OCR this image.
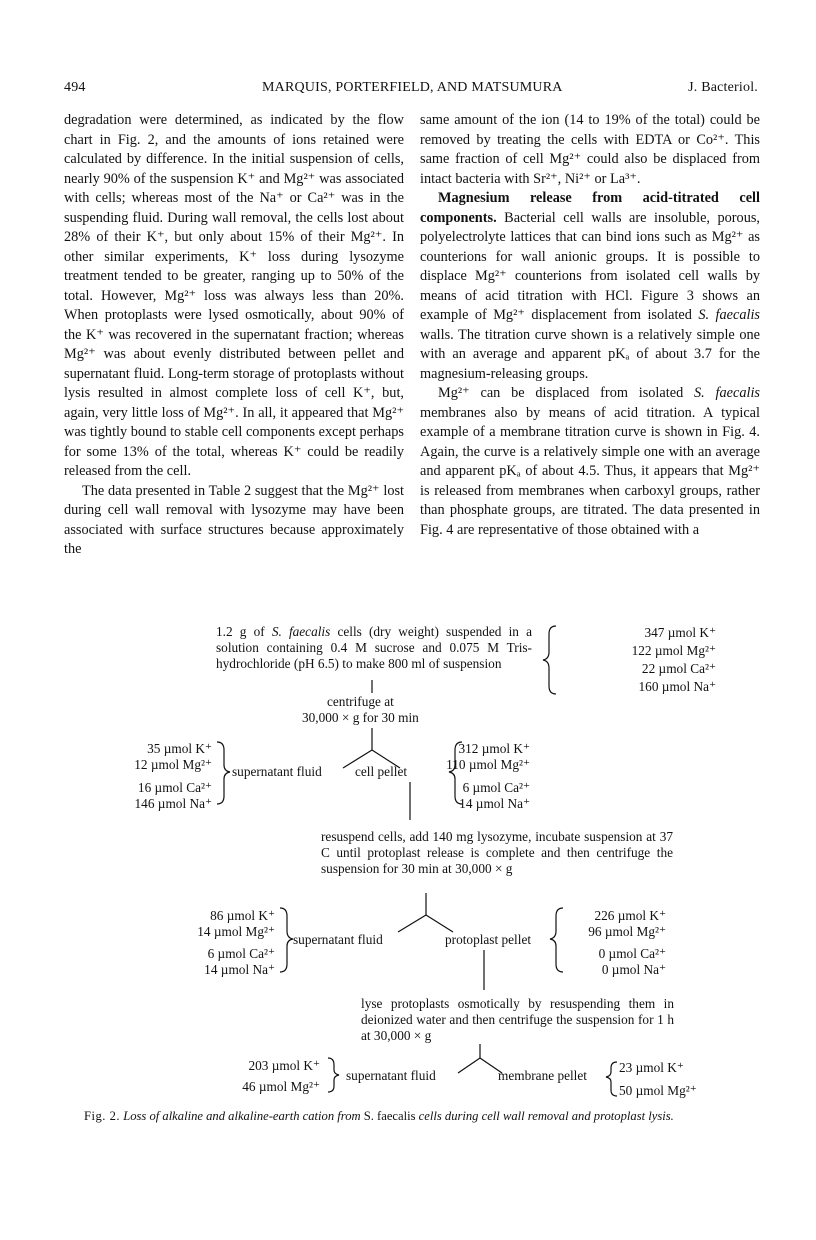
494	MARQUIS, PORTERFIELD, AND MATSUMURA	J. Bacteriol.

degradation were determined, as indicated by the flow chart in Fig. 2, and the amounts of ions retained were calculated by difference. In the initial suspension of cells, nearly 90% of the suspension K⁺ and Mg²⁺ was associated with cells; whereas most of the Na⁺ or Ca²⁺ was in the suspending fluid. During wall removal, the cells lost about 28% of their K⁺, but only about 15% of their Mg²⁺. In other similar experiments, K⁺ loss during lysozyme treatment tended to be greater, ranging up to 50% of the total. However, Mg²⁺ loss was always less than 20%. When protoplasts were lysed osmotically, about 90% of the K⁺ was recovered in the supernatant fraction; whereas Mg²⁺ was about evenly distributed between pellet and supernatant fluid. Long-term storage of protoplasts without lysis resulted in almost complete loss of cell K⁺, but, again, very little loss of Mg²⁺. In all, it appeared that Mg²⁺ was tightly bound to stable cell components except perhaps for some 13% of the total, whereas K⁺ could be readily released from the cell.

The data presented in Table 2 suggest that the Mg²⁺ lost during cell wall removal with lysozyme may have been associated with surface structures because approximately the

same amount of the ion (14 to 19% of the total) could be removed by treating the cells with EDTA or Co²⁺. This same fraction of cell Mg²⁺ could also be displaced from intact bacteria with Sr²⁺, Ni²⁺ or La³⁺.

Magnesium release from acid-titrated cell components. Bacterial cell walls are insoluble, porous, polyelectrolyte lattices that can bind ions such as Mg²⁺ as counterions for wall anionic groups. It is possible to displace Mg²⁺ counterions from isolated cell walls by means of acid titration with HCl. Figure 3 shows an example of Mg²⁺ displacement from isolated S. faecalis walls. The titration curve shown is a relatively simple one with an average and apparent pKₐ of about 3.7 for the magnesium-releasing groups.

Mg²⁺ can be displaced from isolated S. faecalis membranes also by means of acid titration. A typical example of a membrane titration curve is shown in Fig. 4. Again, the curve is a relatively simple one with an average and apparent pKₐ of about 4.5. Thus, it appears that Mg²⁺ is released from membranes when carboxyl groups, rather than phosphate groups, are titrated. The data presented in Fig. 4 are representative of those obtained with a

1.2 g of S. faecalis cells (dry weight) suspended in a solution containing 0.4 M sucrose and 0.075 M Tris-hydrochloride (pH 6.5) to make 800 ml of suspension
347 µmol K⁺
122 µmol Mg²⁺
22 µmol Ca²⁺
160 µmol Na⁺
centrifuge at
30,000 × g for 30 min
35 µmol K⁺
12 µmol Mg²⁺
16 µmol Ca²⁺
146 µmol Na⁺
supernatant fluid	cell pellet
312 µmol K⁺
110 µmol Mg²⁺
6 µmol Ca²⁺
14 µmol Na⁺
resuspend cells, add 140 mg lysozyme, incubate suspension at 37 C until protoplast release is complete and then centrifuge the suspension for 30 min at 30,000 × g
86 µmol K⁺
14 µmol Mg²⁺
6 µmol Ca²⁺
14 µmol Na⁺
supernatant fluid	protoplast pellet
226 µmol K⁺
96 µmol Mg²⁺
0 µmol Ca²⁺
0 µmol Na⁺
lyse protoplasts osmotically by resuspending them in deionized water and then centrifuge the suspension for 1 h at 30,000 × g
203 µmol K⁺
46 µmol Mg²⁺
supernatant fluid	membrane pellet
23 µmol K⁺
50 µmol Mg²⁺
Fig. 2. Loss of alkaline and alkaline-earth cation from S. faecalis cells during cell wall removal and protoplast lysis.
